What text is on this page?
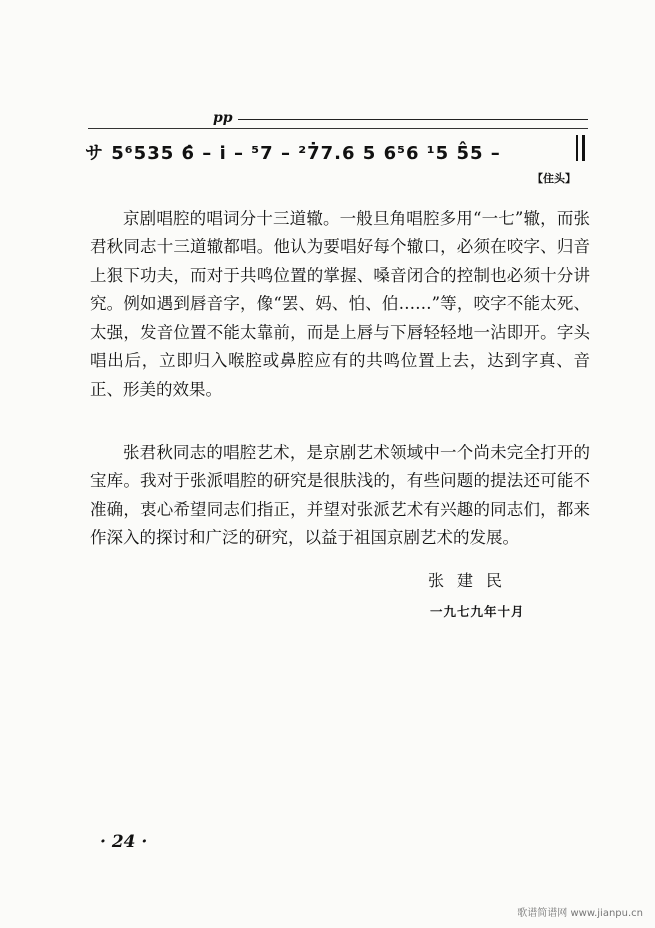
pp
サ 5⁶535 6̂ – i̇ – ⁵7 – ²7̇7.6 5 6⁵6 ¹5 5̂5 –
【住头】

京剧唱腔的唱词分十三道辙。一般旦角唱腔多用“一七”辙，而张君秋同志十三道辙都唱。他认为要唱好每个辙口，必须在咬字、归音上狠下功夫，而对于共鸣位置的掌握、嗓音闭合的控制也必须十分讲究。例如遇到唇音字，像“罢、妈、怕、伯……”等，咬字不能太死、太强，发音位置不能太靠前，而是上唇与下唇轻轻地一沾即开。字头唱出后，立即归入喉腔或鼻腔应有的共鸣位置上去，达到字真、音正、形美的效果。

张君秋同志的唱腔艺术，是京剧艺术领域中一个尚未完全打开的宝库。我对于张派唱腔的研究是很肤浅的，有些问题的提法还可能不准确，衷心希望同志们指正，并望对张派艺术有兴趣的同志们，都来作深入的探讨和广泛的研究，以益于祖国京剧艺术的发展。

张建民
一九七九年十月
· 24 ·
歌谱简谱网 www.jianpu.cn
